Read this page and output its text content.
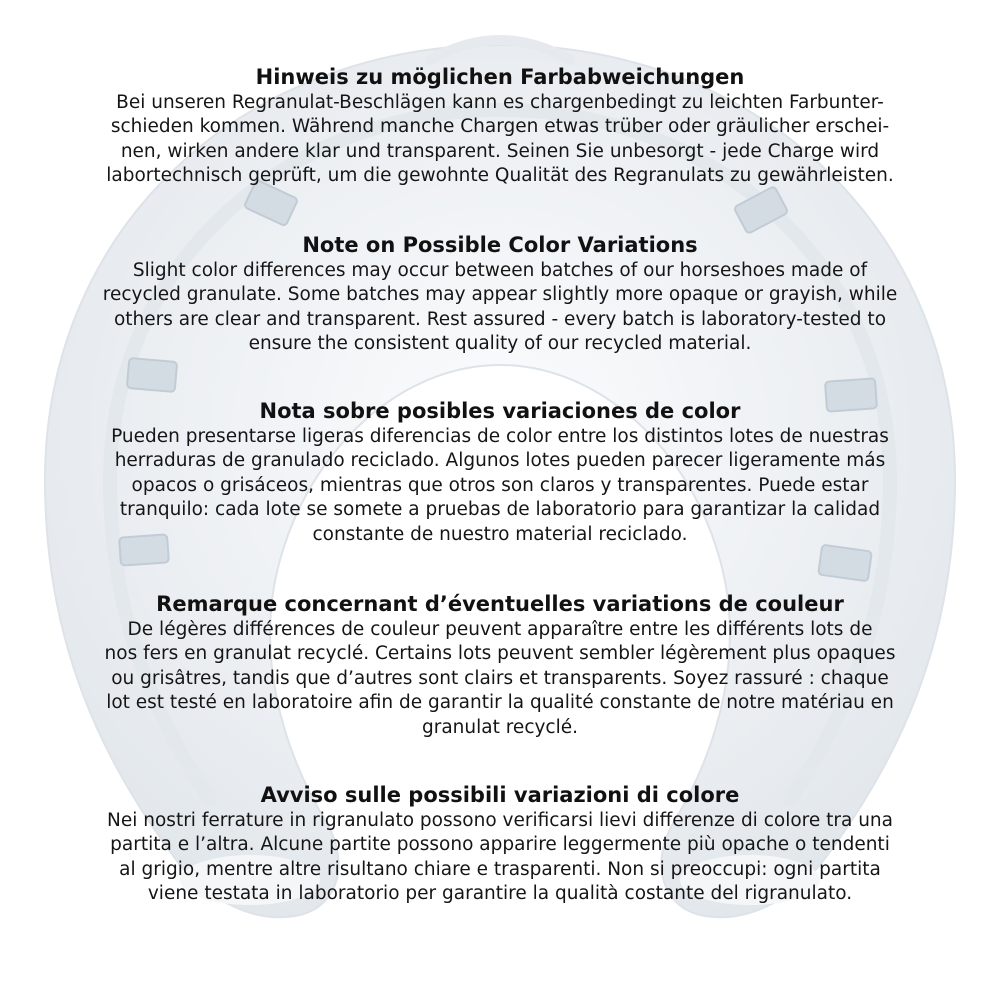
Hinweis zu möglichen Farbabweichungen

Bei unseren Regranulat-Beschlägen kann es chargenbedingt zu leichten Farbunter-

schieden kommen. Während manche Chargen etwas trüber oder gräulicher erschei-

nen, wirken andere klar und transparent. Seinen Sie unbesorgt - jede Charge wird

labortechnisch geprüft, um die gewohnte Qualität des Regranulats zu gewährleisten.

Note on Possible Color Variations

Slight color differences may occur between batches of our horseshoes made of

recycled granulate. Some batches may appear slightly more opaque or grayish, while

others are clear and transparent. Rest assured - every batch is laboratory-tested to

ensure the consistent quality of our recycled material.

Nota sobre posibles variaciones de color

Pueden presentarse ligeras diferencias de color entre los distintos lotes de nuestras

herraduras de granulado reciclado. Algunos lotes pueden parecer ligeramente más

opacos o grisáceos, mientras que otros son claros y transparentes. Puede estar

tranquilo: cada lote se somete a pruebas de laboratorio para garantizar la calidad

constante de nuestro material reciclado.

Remarque concernant d’éventuelles variations de couleur

De légères différences de couleur peuvent apparaître entre les différents lots de

nos fers en granulat recyclé. Certains lots peuvent sembler légèrement plus opaques

ou grisâtres, tandis que d’autres sont clairs et transparents. Soyez rassuré : chaque

lot est testé en laboratoire afin de garantir la qualité constante de notre matériau en

granulat recyclé.

Avviso sulle possibili variazioni di colore

Nei nostri ferrature in rigranulato possono verificarsi lievi differenze di colore tra una

partita e l’altra. Alcune partite possono apparire leggermente più opache o tendenti

al grigio, mentre altre risultano chiare e trasparenti. Non si preoccupi: ogni partita

viene testata in laboratorio per garantire la qualità costante del rigranulato.
